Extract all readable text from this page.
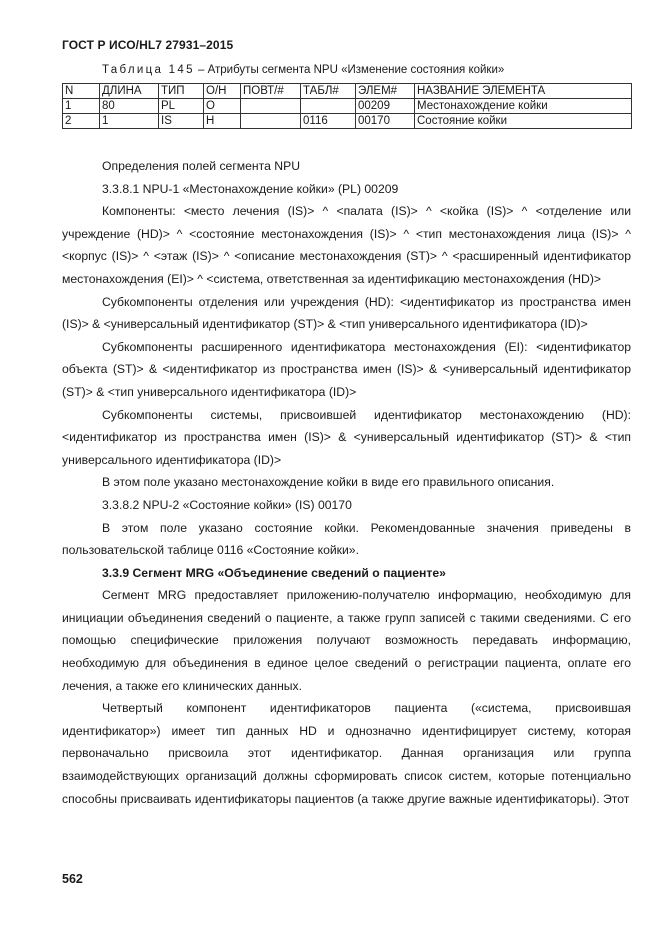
ГОСТ Р ИСО/HL7 27931–2015
Таблица 145 – Атрибуты сегмента NPU «Изменение состояния койки»
N	ДЛИНА	ТИП	О/Н	ПОВТ/#	ТАБЛ#	ЭЛЕМ#	НАЗВАНИЕ ЭЛЕМЕНТА
1	80	PL	О			00209	Местонахождение койки
2	1	IS	Н		0116	00170	Состояние койки

Определения полей сегмента NPU

3.3.8.1 NPU-1 «Местонахождение койки» (PL) 00209

Компоненты: <место лечения (IS)> ^ <палата (IS)> ^ <койка (IS)> ^ <отделение или учреждение (HD)> ^ <состояние местонахождения (IS)> ^ <тип местонахождения лица (IS)> ^ <корпус (IS)> ^ <этаж (IS)> ^ <описание местонахождения (ST)> ^ <расширенный идентификатор местонахождения (EI)> ^ <система, ответственная за идентификацию местонахождения (HD)>

Субкомпоненты отделения или учреждения (HD): <идентификатор из пространства имен (IS)> & <универсальный идентификатор (ST)> & <тип универсального идентификатора (ID)>

Субкомпоненты расширенного идентификатора местонахождения (EI): <идентификатор объекта (ST)> & <идентификатор из пространства имен (IS)> & <универсальный идентификатор (ST)> & <тип универсального идентификатора (ID)>

Субкомпоненты системы, присвоившей идентификатор местонахождению (HD): <идентификатор из пространства имен (IS)> & <универсальный идентификатор (ST)> & <тип универсального идентификатора (ID)>

В этом поле указано местонахождение койки в виде его правильного описания.

3.3.8.2 NPU-2 «Состояние койки» (IS) 00170

В этом поле указано состояние койки. Рекомендованные значения приведены в пользовательской таблице 0116 «Состояние койки».

3.3.9 Сегмент MRG «Объединение сведений о пациенте»

Сегмент MRG предоставляет приложению-получателю информацию, необходимую для инициации объединения сведений о пациенте, а также групп записей с такими сведениями. С его помощью специфические приложения получают возможность передавать информацию, необходимую для объединения в единое целое сведений о регистрации пациента, оплате его лечения, а также его клинических данных.

Четвертый компонент идентификаторов пациента («система, присвоившая идентификатор») имеет тип данных HD и однозначно идентифицирует систему, которая первоначально присвоила этот идентификатор. Данная организация или группа взаимодействующих организаций должны сформировать список систем, которые потенциально способны присваивать идентификаторы пациентов (а также другие важные идентификаторы). Этот

562
